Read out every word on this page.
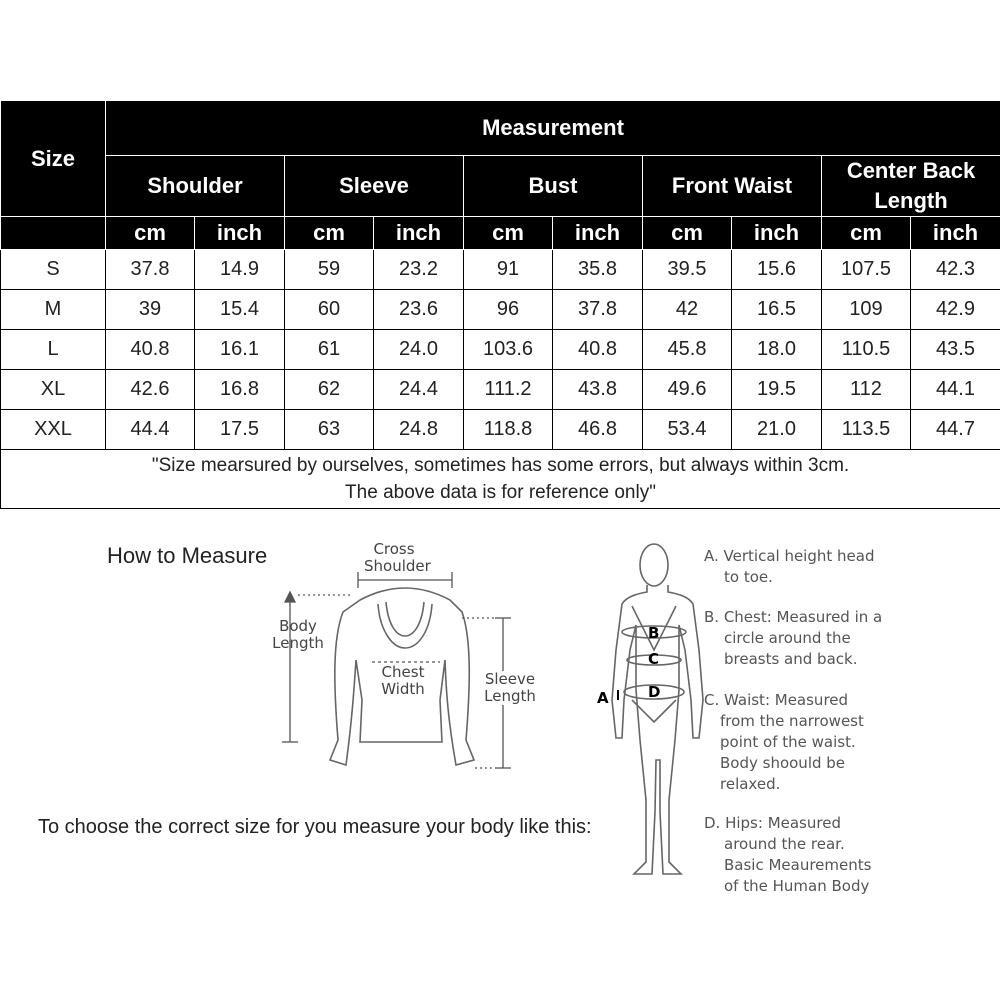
Size	Measurement									
	Shoulder		Sleeve		Bust		Front Waist		Center Back Length	
	cm	inch	cm	inch	cm	inch	cm	inch	cm	inch
S	37.8	14.9	59	23.2	91	35.8	39.5	15.6	107.5	42.3
M	39	15.4	60	23.6	96	37.8	42	16.5	109	42.9
L	40.8	16.1	61	24.0	103.6	40.8	45.8	18.0	110.5	43.5
XL	42.6	16.8	62	24.4	111.2	43.8	49.6	19.5	112	44.1
XXL	44.4	17.5	63	24.8	118.8	46.8	53.4	21.0	113.5	44.7

"Size mearsured by ourselves, sometimes has some errors, but always within 3cm.
The above data is for reference only"										
How to Measure
To choose the correct size for you measure your body like this:
Cross
Shoulder
Body
Length
Chest
Width
Sleeve
Length	A
B
C
D
A. Vertical height head
to toe.
B. Chest: Measured in a
circle around the
breasts and back.
C. Waist: Measured
from the narrowest
point of the waist.
Body shoould be
relaxed.
D. Hips: Measured
around the rear.
Basic Meaurements
of the Human Body
